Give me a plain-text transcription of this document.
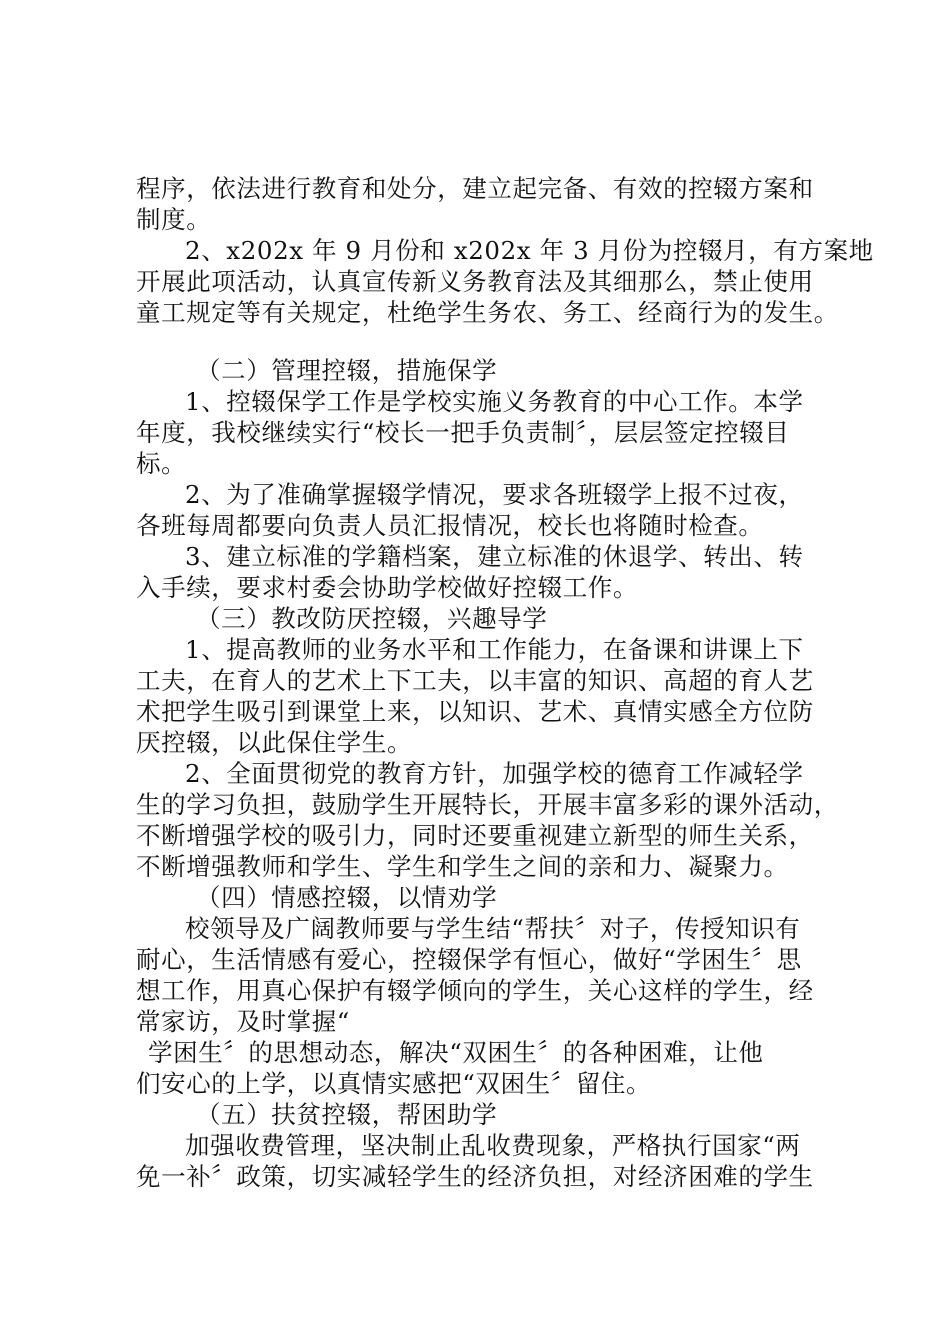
程序，依法进行教育和处分，建立起完备、有效的控辍方案和
制度。
2、x202x 年 9 月份和 x202x 年 3 月份为控辍月，有方案地
开展此项活动，认真宣传新义务教育法及其细那么，禁止使用
童工规定等有关规定，杜绝学生务农、务工、经商行为的发生。
（二）管理控辍，措施保学
1、控辍保学工作是学校实施义务教育的中心工作。本学
年度，我校继续实行“校长一把手负责制〞，层层签定控辍目
标。
2、为了准确掌握辍学情况，要求各班辍学上报不过夜，
各班每周都要向负责人员汇报情况，校长也将随时检查。
3、建立标准的学籍档案，建立标准的休退学、转出、转
入手续，要求村委会协助学校做好控辍工作。
（三）教改防厌控辍，兴趣导学
1、提高教师的业务水平和工作能力，在备课和讲课上下
工夫，在育人的艺术上下工夫，以丰富的知识、高超的育人艺
术把学生吸引到课堂上来，以知识、艺术、真情实感全方位防
厌控辍，以此保住学生。
2、全面贯彻党的教育方针，加强学校的德育工作减轻学
生的学习负担，鼓励学生开展特长，开展丰富多彩的课外活动，
不断增强学校的吸引力，同时还要重视建立新型的师生关系，
不断增强教师和学生、学生和学生之间的亲和力、凝聚力。
（四）情感控辍，以情劝学
校领导及广阔教师要与学生结“帮扶〞对子，传授知识有
耐心，生活情感有爱心，控辍保学有恒心，做好“学困生〞思
想工作，用真心保护有辍学倾向的学生，关心这样的学生，经
常家访，及时掌握“
学困生〞的思想动态，解决“双困生〞的各种困难，让他
们安心的上学，以真情实感把“双困生〞留住。
（五）扶贫控辍，帮困助学
加强收费管理，坚决制止乱收费现象，严格执行国家“两
免一补〞政策，切实减轻学生的经济负担，对经济困难的学生
